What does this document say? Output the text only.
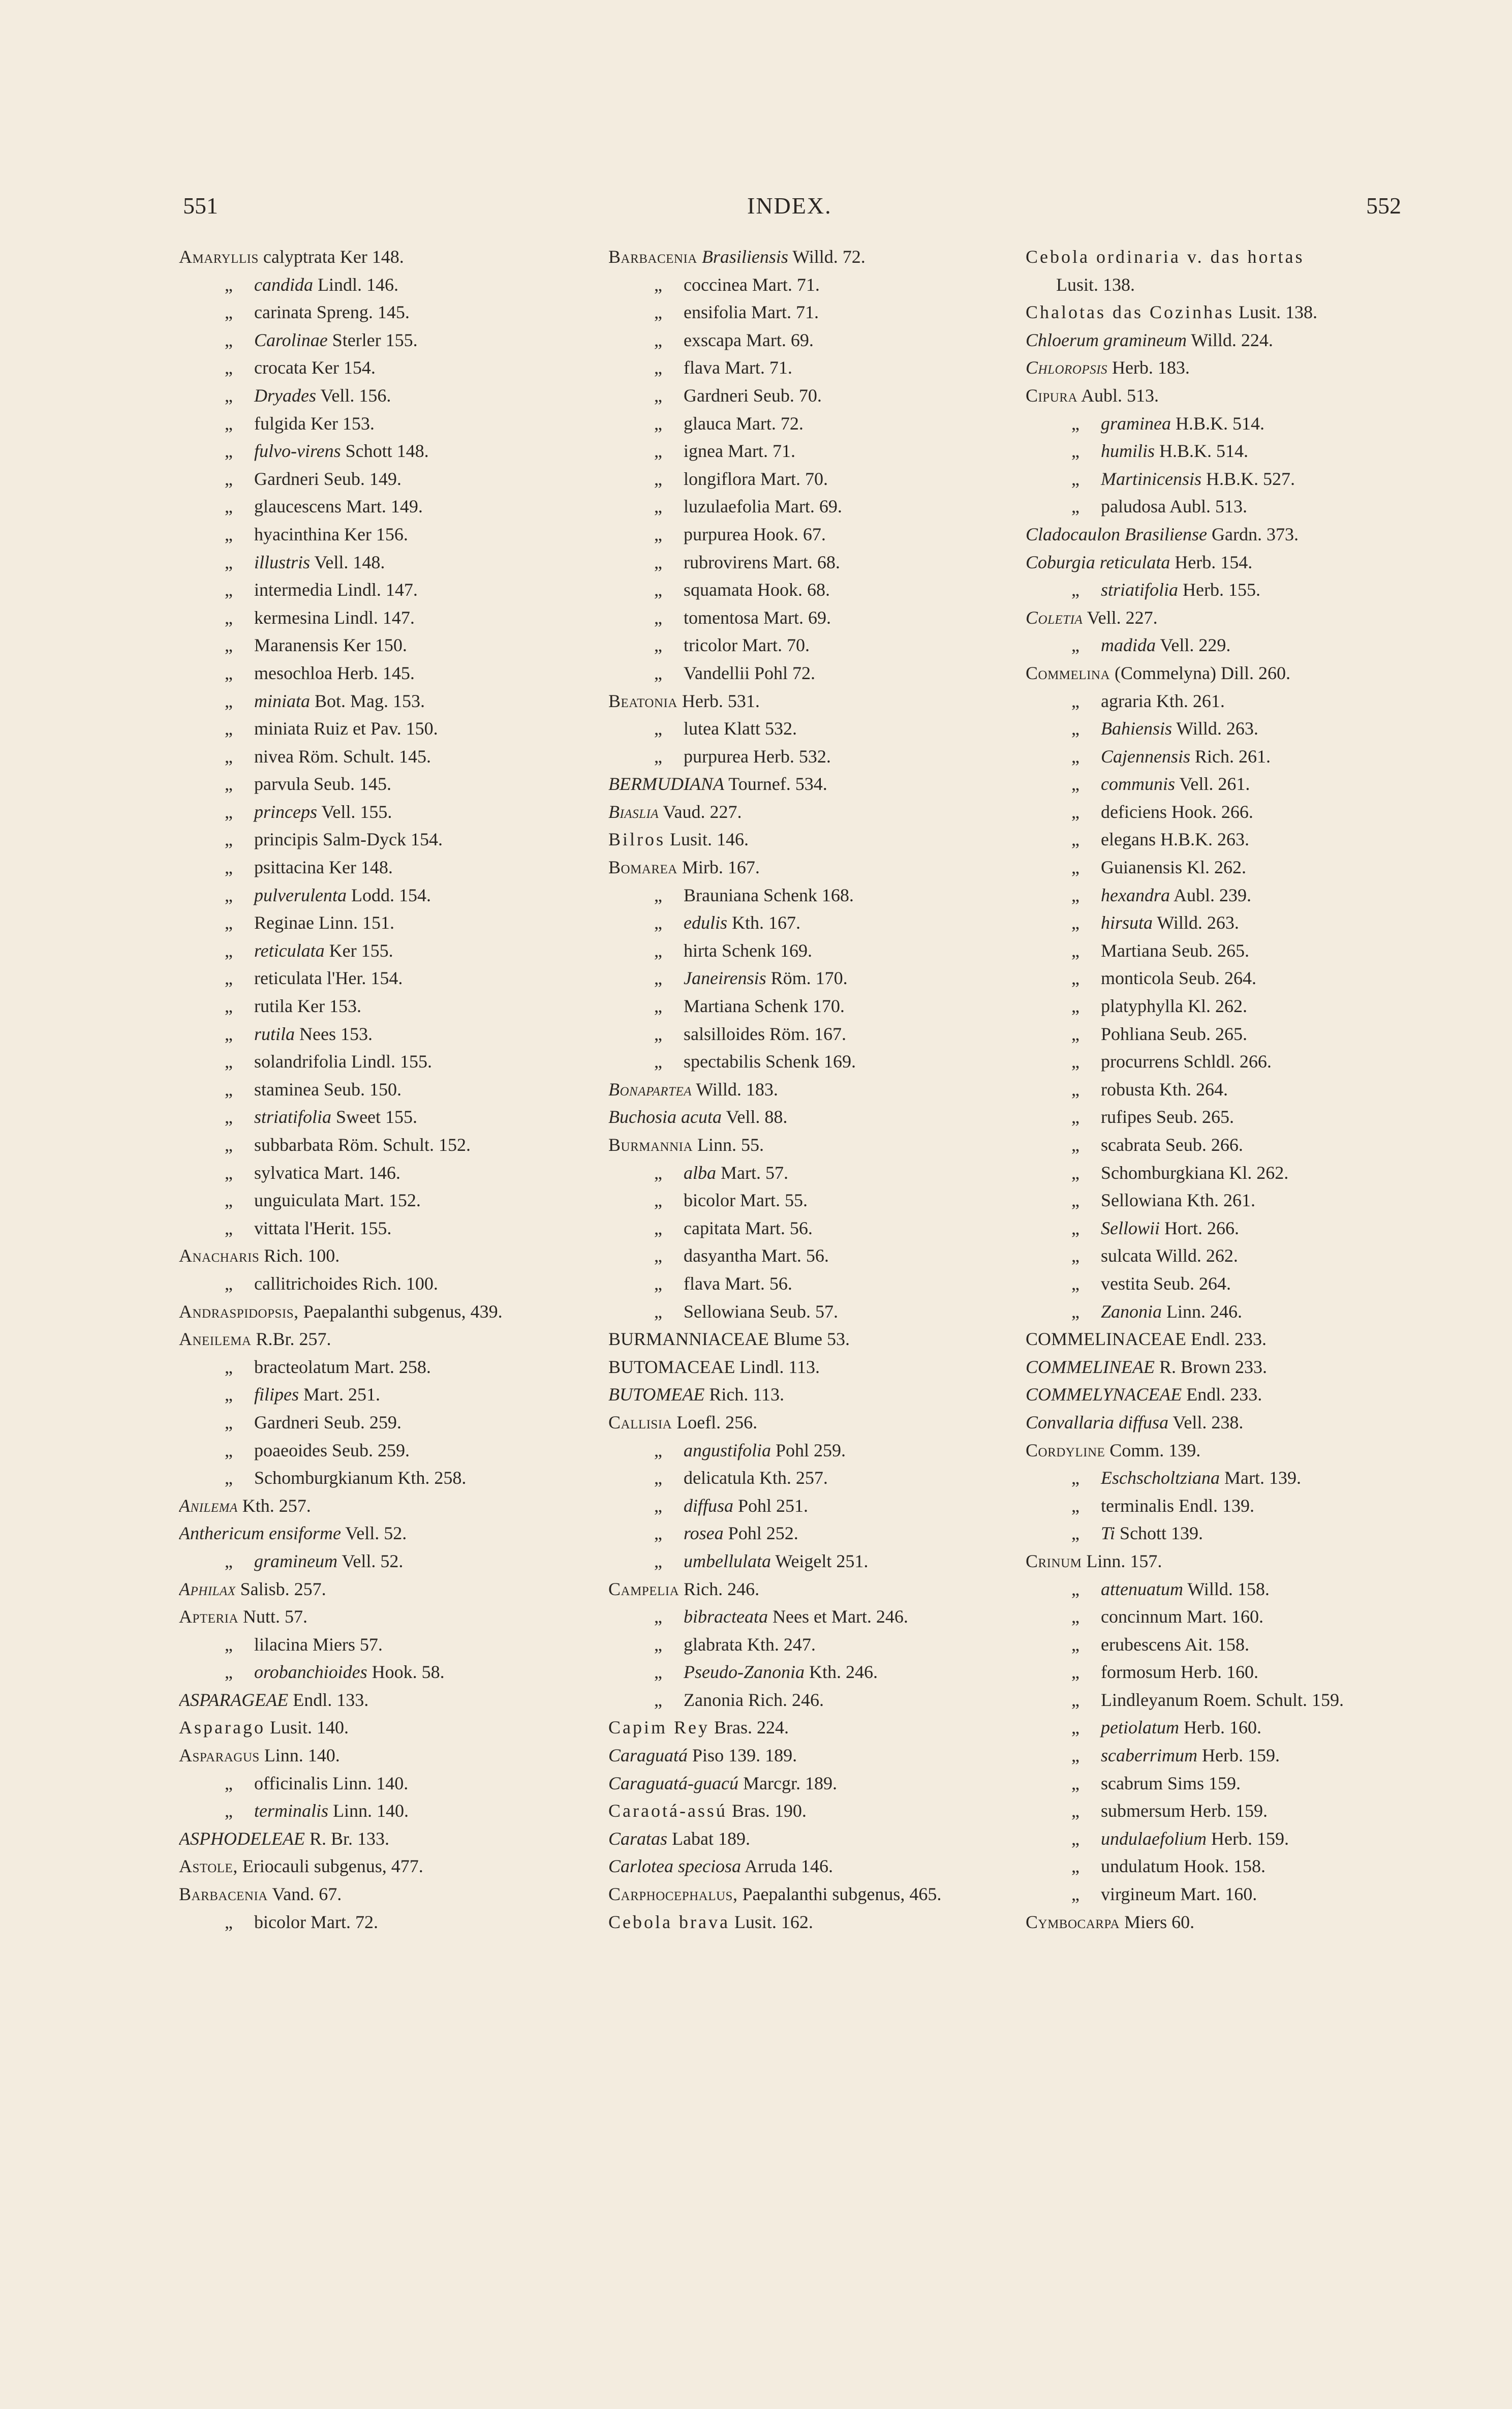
551	INDEX.	552
Amaryllis calyptrata Ker 148.
„ candida Lindl. 146.
„ carinata Spreng. 145.
„ Carolinae Sterler 155.
„ crocata Ker 154.
„ Dryades Vell. 156.
„ fulgida Ker 153.
„ fulvo-virens Schott 148.
„ Gardneri Seub. 149.
„ glaucescens Mart. 149.
„ hyacinthina Ker 156.
„ illustris Vell. 148.
„ intermedia Lindl. 147.
„ kermesina Lindl. 147.
„ Maranensis Ker 150.
„ mesochloa Herb. 145.
„ miniata Bot. Mag. 153.
„ miniata Ruiz et Pav. 150.
„ nivea Röm. Schult. 145.
„ parvula Seub. 145.
„ princeps Vell. 155.
„ principis Salm-Dyck 154.
„ psittacina Ker 148.
„ pulverulenta Lodd. 154.
„ Reginae Linn. 151.
„ reticulata Ker 155.
„ reticulata l'Her. 154.
„ rutila Ker 153.
„ rutila Nees 153.
„ solandrifolia Lindl. 155.
„ staminea Seub. 150.
„ striatifolia Sweet 155.
„ subbarbata Röm. Schult. 152.
„ sylvatica Mart. 146.
„ unguiculata Mart. 152.
„ vittata l'Herit. 155.
Anacharis Rich. 100.
„ callitrichoides Rich. 100.
Andraspidopsis, Paepalanthi subgenus, 439.
Aneilema R.Br. 257.
„ bracteolatum Mart. 258.
„ filipes Mart. 251.
„ Gardneri Seub. 259.
„ poaeoides Seub. 259.
„ Schomburgkianum Kth. 258.
Anilema Kth. 257.
Anthericum ensiforme Vell. 52.
„ gramineum Vell. 52.
Aphilax Salisb. 257.
Apteria Nutt. 57.
„ lilacina Miers 57.
„ orobanchioides Hook. 58.
ASPARAGEAE Endl. 133.
Asparago Lusit. 140.
Asparagus Linn. 140.
„ officinalis Linn. 140.
„ terminalis Linn. 140.
ASPHODELEAE R. Br. 133.
Astole, Eriocauli subgenus, 477.
Barbacenia Vand. 67.
„ bicolor Mart. 72.
Barbacenia Brasiliensis Willd. 72.
„ coccinea Mart. 71.
„ ensifolia Mart. 71.
„ exscapa Mart. 69.
„ flava Mart. 71.
„ Gardneri Seub. 70.
„ glauca Mart. 72.
„ ignea Mart. 71.
„ longiflora Mart. 70.
„ luzulaefolia Mart. 69.
„ purpurea Hook. 67.
„ rubrovirens Mart. 68.
„ squamata Hook. 68.
„ tomentosa Mart. 69.
„ tricolor Mart. 70.
„ Vandellii Pohl 72.
Beatonia Herb. 531.
„ lutea Klatt 532.
„ purpurea Herb. 532.
BERMUDIANA Tournef. 534.
Biaslia Vaud. 227.
Bilros Lusit. 146.
Bomarea Mirb. 167.
„ Brauniana Schenk 168.
„ edulis Kth. 167.
„ hirta Schenk 169.
„ Janeirensis Röm. 170.
„ Martiana Schenk 170.
„ salsilloides Röm. 167.
„ spectabilis Schenk 169.
Bonapartea Willd. 183.
Buchosia acuta Vell. 88.
Burmannia Linn. 55.
„ alba Mart. 57.
„ bicolor Mart. 55.
„ capitata Mart. 56.
„ dasyantha Mart. 56.
„ flava Mart. 56.
„ Sellowiana Seub. 57.
BURMANNIACEAE Blume 53.
BUTOMACEAE Lindl. 113.
BUTOMEAE Rich. 113.
Callisia Loefl. 256.
„ angustifolia Pohl 259.
„ delicatula Kth. 257.
„ diffusa Pohl 251.
„ rosea Pohl 252.
„ umbellulata Weigelt 251.
Campelia Rich. 246.
„ bibracteata Nees et Mart. 246.
„ glabrata Kth. 247.
„ Pseudo-Zanonia Kth. 246.
„ Zanonia Rich. 246.
Capim Rey Bras. 224.
Caraguatá Piso 139. 189.
Caraguatá-guacú Marcgr. 189.
Caraotá-assú Bras. 190.
Caratas Labat 189.
Carlotea speciosa Arruda 146.
Carphocephalus, Paepalanthi subgenus, 465.
Cebola brava Lusit. 162.
Cebola ordinaria v. das hortas
Lusit. 138.
Chalotas das Cozinhas Lusit. 138.
Chloerum gramineum Willd. 224.
Chloropsis Herb. 183.
Cipura Aubl. 513.
„ graminea H.B.K. 514.
„ humilis H.B.K. 514.
„ Martinicensis H.B.K. 527.
„ paludosa Aubl. 513.
Cladocaulon Brasiliense Gardn. 373.
Coburgia reticulata Herb. 154.
„ striatifolia Herb. 155.
Coletia Vell. 227.
„ madida Vell. 229.
Commelina (Commelyna) Dill. 260.
„ agraria Kth. 261.
„ Bahiensis Willd. 263.
„ Cajennensis Rich. 261.
„ communis Vell. 261.
„ deficiens Hook. 266.
„ elegans H.B.K. 263.
„ Guianensis Kl. 262.
„ hexandra Aubl. 239.
„ hirsuta Willd. 263.
„ Martiana Seub. 265.
„ monticola Seub. 264.
„ platyphylla Kl. 262.
„ Pohliana Seub. 265.
„ procurrens Schldl. 266.
„ robusta Kth. 264.
„ rufipes Seub. 265.
„ scabrata Seub. 266.
„ Schomburgkiana Kl. 262.
„ Sellowiana Kth. 261.
„ Sellowii Hort. 266.
„ sulcata Willd. 262.
„ vestita Seub. 264.
„ Zanonia Linn. 246.
COMMELINACEAE Endl. 233.
COMMELINEAE R. Brown 233.
COMMELYNACEAE Endl. 233.
Convallaria diffusa Vell. 238.
Cordyline Comm. 139.
„ Eschscholtziana Mart. 139.
„ terminalis Endl. 139.
„ Ti Schott 139.
Crinum Linn. 157.
„ attenuatum Willd. 158.
„ concinnum Mart. 160.
„ erubescens Ait. 158.
„ formosum Herb. 160.
„ Lindleyanum Roem. Schult. 159.
„ petiolatum Herb. 160.
„ scaberrimum Herb. 159.
„ scabrum Sims 159.
„ submersum Herb. 159.
„ undulaefolium Herb. 159.
„ undulatum Hook. 158.
„ virgineum Mart. 160.
Cymbocarpa Miers 60.
